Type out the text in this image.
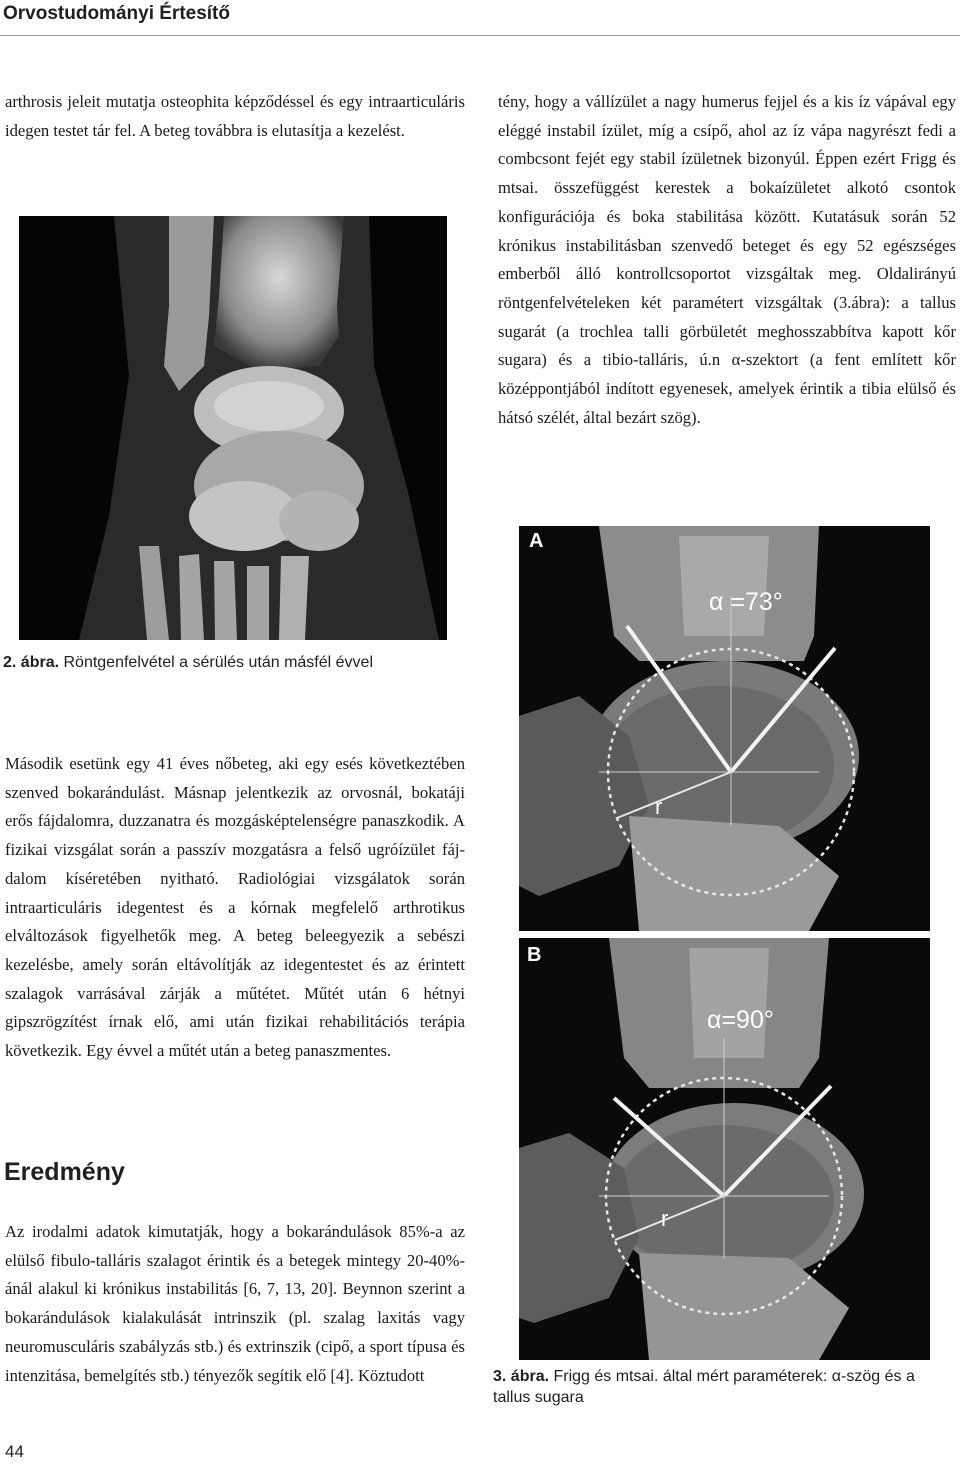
Orvostudományi Értesítő
arthrosis jeleit mutatja osteophita képződéssel és egy intraarticuláris idegen testet tár fel. A beteg továbbra is elutasítja a kezelést.
tény, hogy a vállízület a nagy humerus fejjel és a kis íz vápával egy eléggé instabil ízület, míg a csípő, ahol az íz vápa nagyrészt fedi a combcsont fejét egy stabil ízületnek bizonyúl. Éppen ezért Frigg és mtsai. összefüggést kerestek a bokaízületet alkotó csontok konfigurációja és boka stabilitása között. Kutatásuk során 52 krónikus instabilitásban szenvedő beteget és egy 52 egészséges emberből álló kontrollcsoportot vizsgáltak meg. Oldalirányú röntgenfelvételeken két paramétert vizsgáltak (3.ábra): a tallus sugarát (a trochlea talli görbületét meghosszabbítva kapott kőr sugara) és a tibio-talláris, ú.n α-szektort (a fent említett kőr középpontjából indított egyenesek, amelyek érintik a tibia elülső és hátsó szélét, által bezárt szög).
2. ábra. Röntgenfelvétel a sérülés után másfél évvel
A
α =73°
r
B
α=90°
r
3. ábra. Frigg és mtsai. által mért paraméterek: α-szög és a tallus sugara
Második esetünk egy 41 éves nőbeteg, aki egy esés következtében szenved bokarándulást. Másnap jelentkezik az orvosnál, bokatáji erős fájdalomra, duzzanatra és mozgásképtelenségre panaszkodik. A fizikai vizsgálat során a passzív mozgatásra a felső ugróízület fájdalom kíséretében nyitható. Radiológiai vizsgálatok során intraarticuláris idegentest és a kórnak megfelelő arthrotikus elváltozások figyelhetők meg. A beteg beleegyezik a sebészi kezelésbe, amely során eltávolítják az idegentestet és az érintett szalagok varrásával zárják a műtétet. Műtét után 6 hétnyi gipszrögzítést írnak elő, ami után fizikai rehabilitációs terápia következik. Egy évvel a műtét után a beteg panaszmentes.
Eredmény
Az irodalmi adatok kimutatják, hogy a bokarándulások 85%-a az elülső fibulo-talláris szalagot érintik és a betegek mintegy 20-40%-ánál alakul ki krónikus instabilitás [6, 7, 13, 20]. Beynnon szerint a bokarándulások kialakulását intrinszik (pl. szalag laxitás vagy neuromusculáris szabályzás stb.) és extrinszik (cipő, a sport típusa és intenzitása, bemelgítés stb.) tényezők segítik elő [4]. Köztudott
44
